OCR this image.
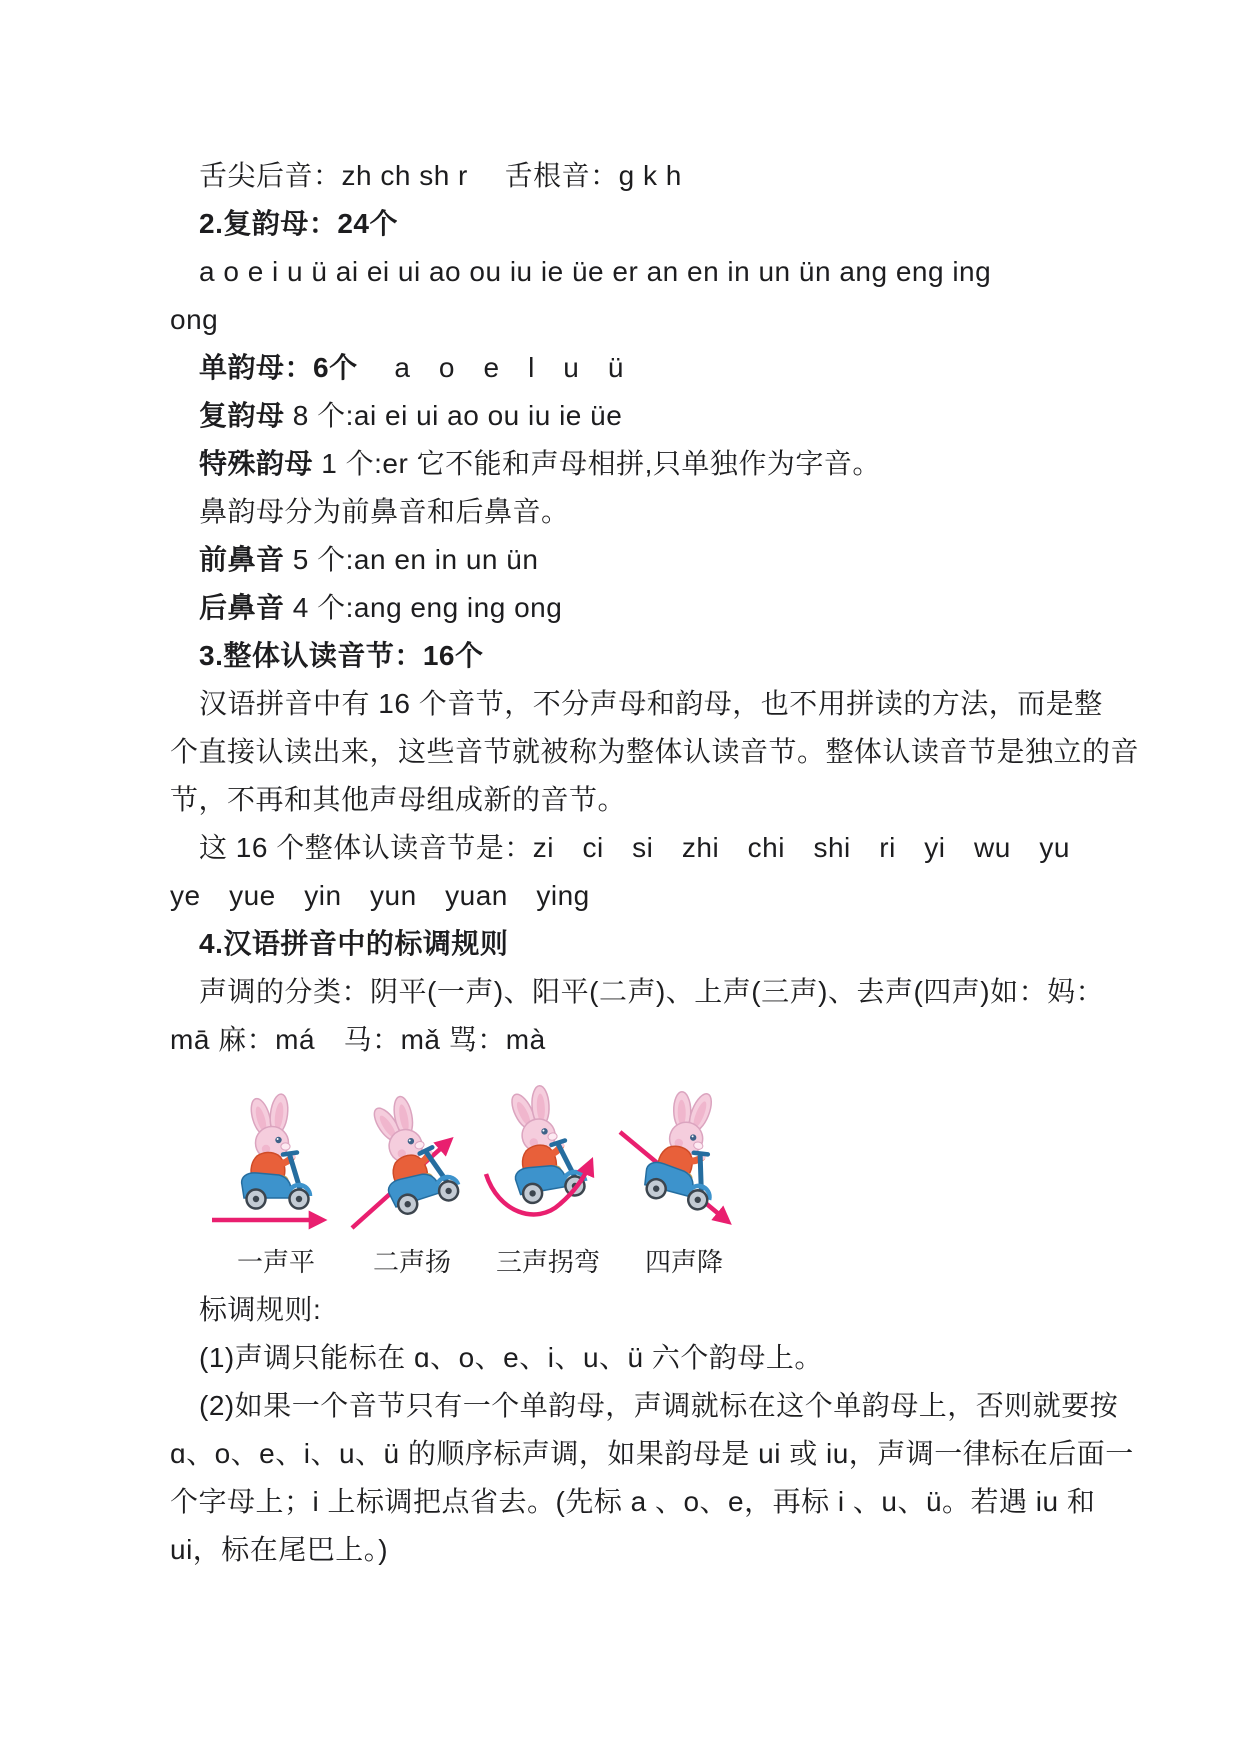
舌尖后音：zh ch sh r　 舌根音：g k h

2.复韵母：24个

a o e i u ü ai ei ui ao ou iu ie üe er an en in un ün ang eng ing

ong

单韵母：6个　 a　o　e　l　u　ü

复韵母 8 个:ai ei ui ao ou iu ie üe

特殊韵母 1 个:er 它不能和声母相拼,只单独作为字音。

鼻韵母分为前鼻音和后鼻音。

前鼻音 5 个:an en in un ün

后鼻音 4 个:ang eng ing ong

3.整体认读音节：16个

汉语拼音中有 16 个音节，不分声母和韵母，也不用拼读的方法，而是整

个直接认读出来，这些音节就被称为整体认读音节。整体认读音节是独立的音

节，不再和其他声母组成新的音节。

这 16 个整体认读音节是：zi　ci　si　zhi　chi　shi　ri　yi　wu　yu

ye　yue　yin　yun　yuan　ying

4.汉语拼音中的标调规则

声调的分类：阴平(一声)、阳平(二声)、上声(三声)、去声(四声)如：妈：

mā 麻：má　马：mǎ 骂：mà

一声平	二声扬	三声拐弯	四声降

标调规则:

(1)声调只能标在 ɑ、o、e、i、u、ü 六个韵母上。

(2)如果一个音节只有一个单韵母，声调就标在这个单韵母上，否则就要按

ɑ、o、e、i、u、ü 的顺序标声调，如果韵母是 ui 或 iu，声调一律标在后面一

个字母上；i 上标调把点省去。(先标 a 、o、e，再标 i 、u、ü。若遇 iu 和

ui，标在尾巴上。)
